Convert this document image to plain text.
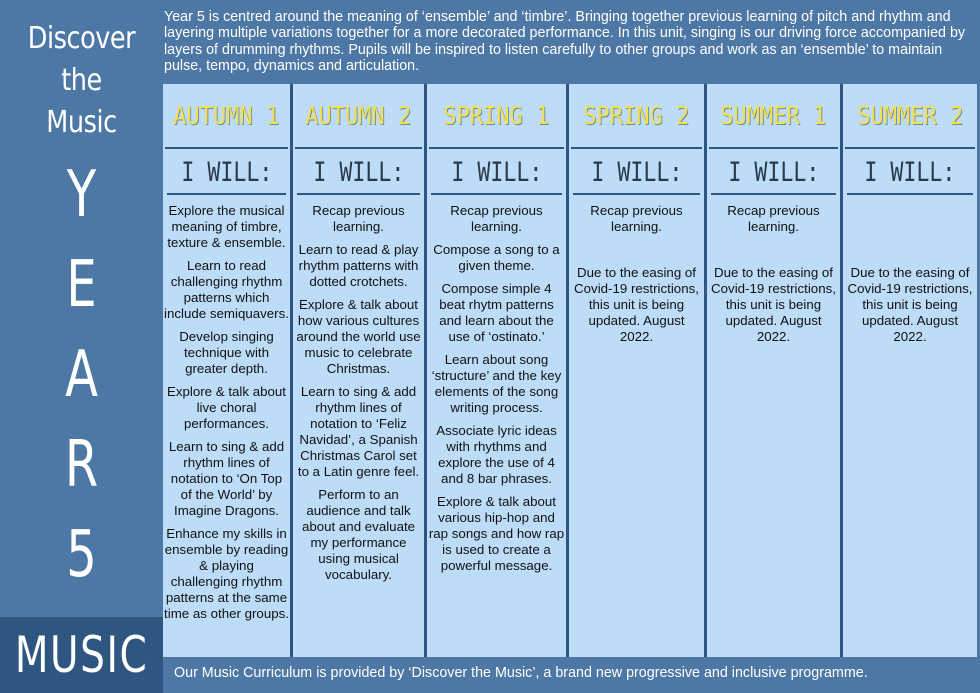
Discover
the
Music
Y
E
A
R
5
MUSIC
Year 5 is centred around the meaning of ‘ensemble’ and ‘timbre’. Bringing together previous learning of pitch and rhythm and layering multiple variations together for a more decorated performance. In this unit, singing is our driving force accompanied by layers of drumming rhythms. Pupils will be inspired to listen carefully to other groups and work as an ‘ensemble’ to maintain pulse, tempo, dynamics and articulation.
AUTUMN 1
I WILL:

Explore the musical meaning of timbre, texture & ensemble.

Learn to read challenging rhythm patterns which include semiquavers.

Develop singing technique with greater depth.

Explore & talk about live choral performances.

Learn to sing & add rhythm lines of notation to ‘On Top of the World’ by Imagine Dragons.

Enhance my skills in ensemble by reading & playing challenging rhythm patterns at the same time as other groups.

AUTUMN 2
I WILL:

Recap previous learning.

Learn to read & play rhythm patterns with dotted crotchets.

Explore & talk about how various cultures around the world use music to celebrate Christmas.

Learn to sing & add rhythm lines of notation to ‘Feliz Navidad’, a Spanish Christmas Carol set to a Latin genre feel.

Perform to an audience and talk about and evaluate my performance using musical vocabulary.

SPRING 1
I WILL:

Recap previous learning.

Compose a song to a given theme.

Compose simple 4 beat rhytm patterns and learn about the use of ‘ostinato.’

Learn about song ‘structure’ and the key elements of the song writing process.

Associate lyric ideas with rhythms and explore the use of 4 and 8 bar phrases.

Explore & talk about various hip-hop and rap songs and how rap is used to create a powerful message.

SPRING 2
I WILL:

Recap previous learning.

Due to the easing of Covid-19 restrictions, this unit is being updated. August 2022.

SUMMER 1
I WILL:

Recap previous learning.

Due to the easing of Covid-19 restrictions, this unit is being updated. August 2022.

SUMMER 2
I WILL:

Due to the easing of Covid-19 restrictions, this unit is being updated. August 2022.

Our Music Curriculum is provided by ‘Discover the Music’, a brand new progressive and inclusive programme.
